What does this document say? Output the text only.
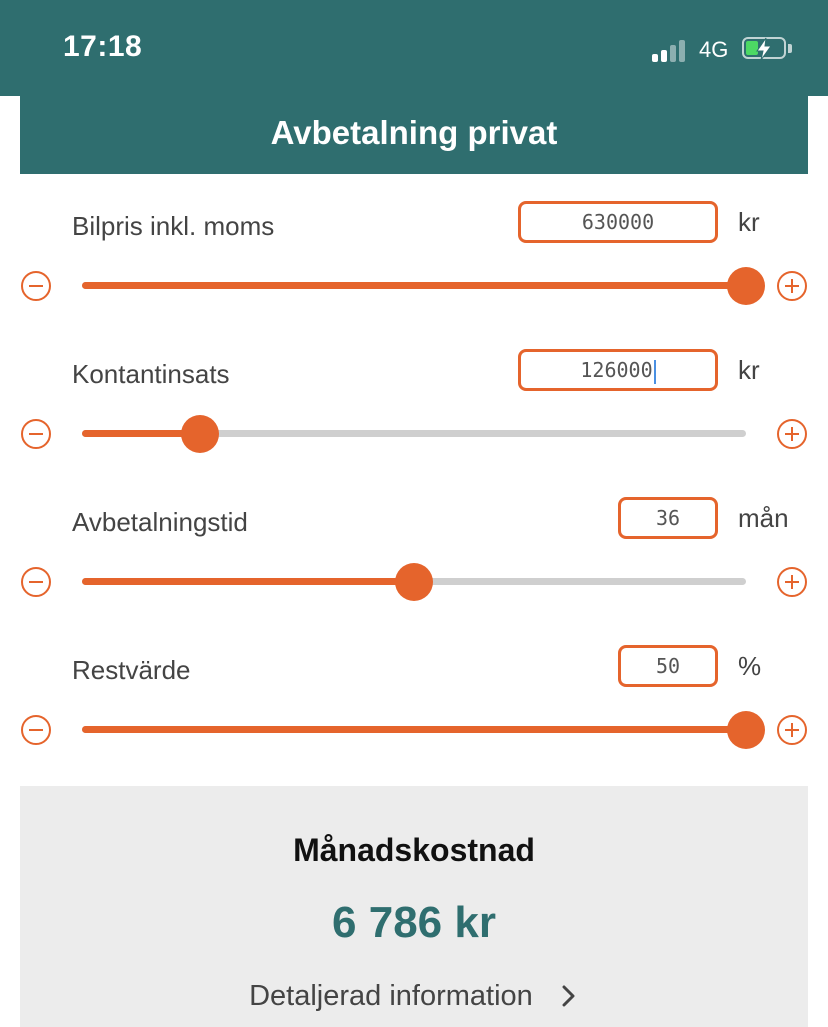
17:18	4G
Avbetalning privat
Bilpris inkl. moms	630000	kr
Kontantinsats	126000	kr
Avbetalningstid	36	mån
Restvärde	50	%
Månadskostnad
6 786 kr
Detaljerad information
